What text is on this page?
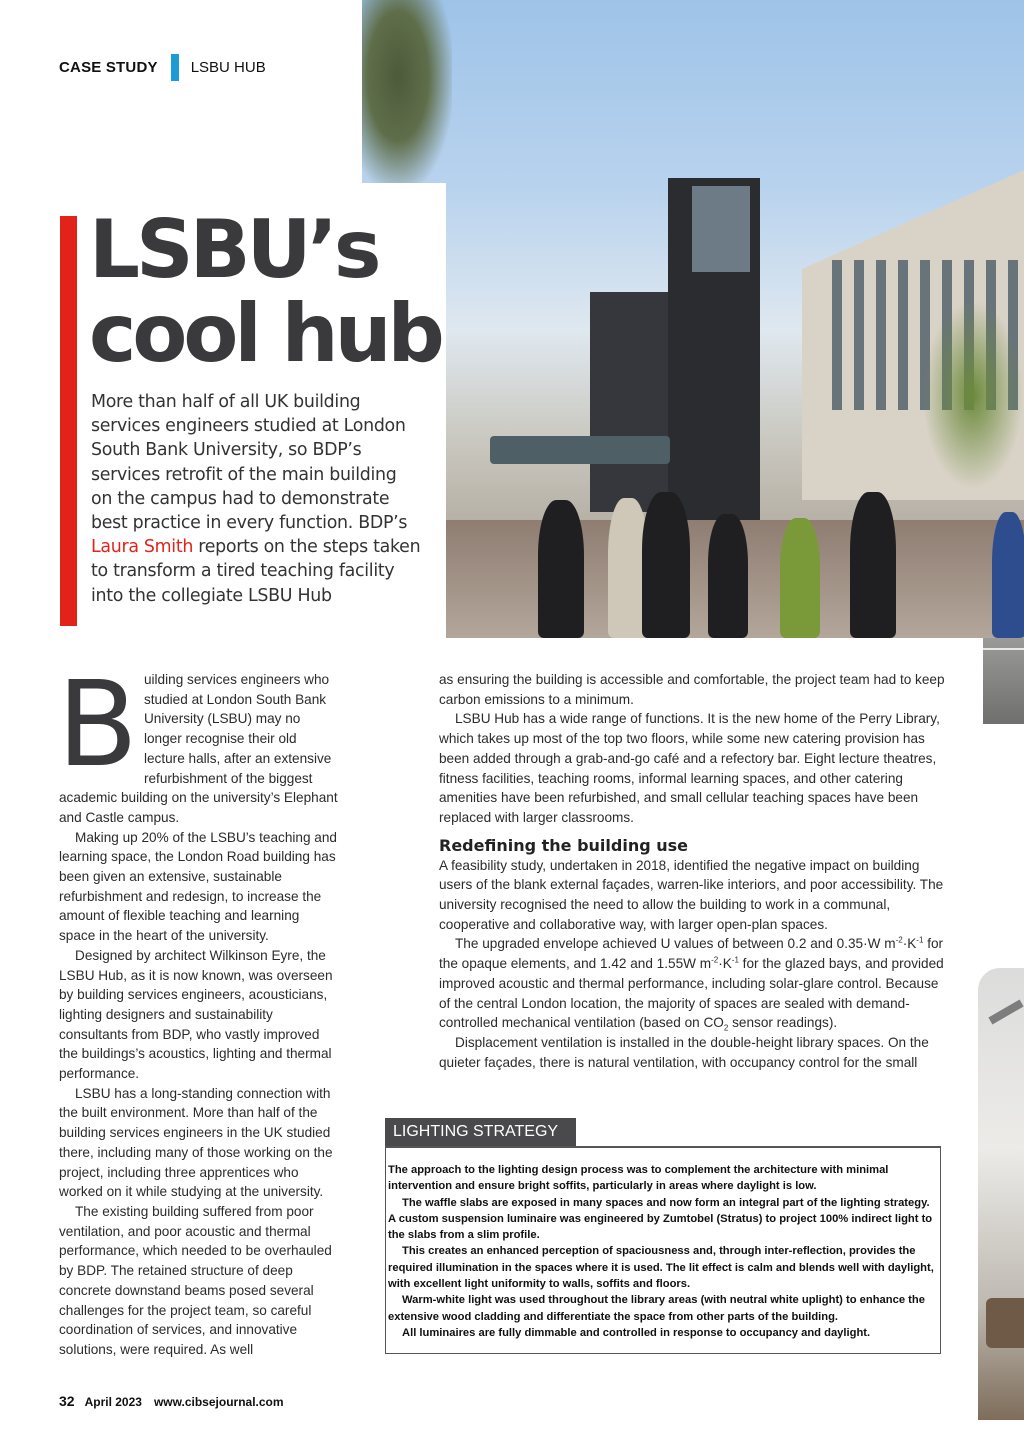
CASE STUDY LSBU HUB
LSBU’s
cool hub
More than half of all UK building services engineers studied at London South Bank University, so BDP’s services retrofit of the main building on the campus had to demonstrate best practice in every function. BDP’s Laura Smith reports on the steps taken to transform a tired teaching facility into the collegiate LSBU Hub

Building services engineers who studied at London South Bank University (LSBU) may no longer recognise their old lecture halls, after an extensive refurbishment of the biggest academic building on the university’s Elephant and Castle campus.

Making up 20% of the LSBU’s teaching and learning space, the London Road building has been given an extensive, sustainable refurbishment and redesign, to increase the amount of flexible teaching and learning space in the heart of the university.

Designed by architect Wilkinson Eyre, the LSBU Hub, as it is now known, was overseen by building services engineers, acousticians, lighting designers and sustainability consultants from BDP, who vastly improved the buildings’s acoustics, lighting and thermal performance.

LSBU has a long-standing connection with the built environment. More than half of the building services engineers in the UK studied there, including many of those working on the project, including three apprentices who worked on it while studying at the university.

The existing building suffered from poor ventilation, and poor acoustic and thermal performance, which needed to be overhauled by BDP. The retained structure of deep concrete downstand beams posed several challenges for the project team, so careful coordination of services, and innovative solutions, were required. As well

as ensuring the building is accessible and comfortable, the project team had to keep carbon emissions to a minimum.

LSBU Hub has a wide range of functions. It is the new home of the Perry Library, which takes up most of the top two floors, while some new catering provision has been added through a grab-and-go café and a refectory bar. Eight lecture theatres, fitness facilities, teaching rooms, informal learning spaces, and other catering amenities have been refurbished, and small cellular teaching spaces have been replaced with larger classrooms.

Redefining the building use

A feasibility study, undertaken in 2018, identified the negative impact on building users of the blank external façades, warren-like interiors, and poor accessibility. The university recognised the need to allow the building to work in a communal, cooperative and collaborative way, with larger open-plan spaces.

The upgraded envelope achieved U values of between 0.2 and 0.35·W $m^{-2}\cdot K^{-1}$ for the opaque elements, and 1.42 and 1.55W $m^{-2}\cdot K^{-1}$ for the glazed bays, and provided improved acoustic and thermal performance, including solar-glare control. Because of the central London location, the majority of spaces are sealed with demand-controlled mechanical ventilation (based on $CO_2$ sensor readings).

Displacement ventilation is installed in the double-height library spaces. On the quieter façades, there is natural ventilation, with occupancy control for the small

LIGHTING STRATEGY

The approach to the lighting design process was to complement the architecture with minimal intervention and ensure bright soffits, particularly in areas where daylight is low.

The waffle slabs are exposed in many spaces and now form an integral part of the lighting strategy. A custom suspension luminaire was engineered by Zumtobel (Stratus) to project 100% indirect light to the slabs from a slim profile.

This creates an enhanced perception of spaciousness and, through inter-reflection, provides the required illumination in the spaces where it is used. The lit effect is calm and blends well with daylight, with excellent light uniformity to walls, soffits and floors.

Warm-white light was used throughout the library areas (with neutral white uplight) to enhance the extensive wood cladding and differentiate the space from other parts of the building.

All luminaires are fully dimmable and controlled in response to occupancy and daylight.

32 April 2023 www.cibsejournal.com
